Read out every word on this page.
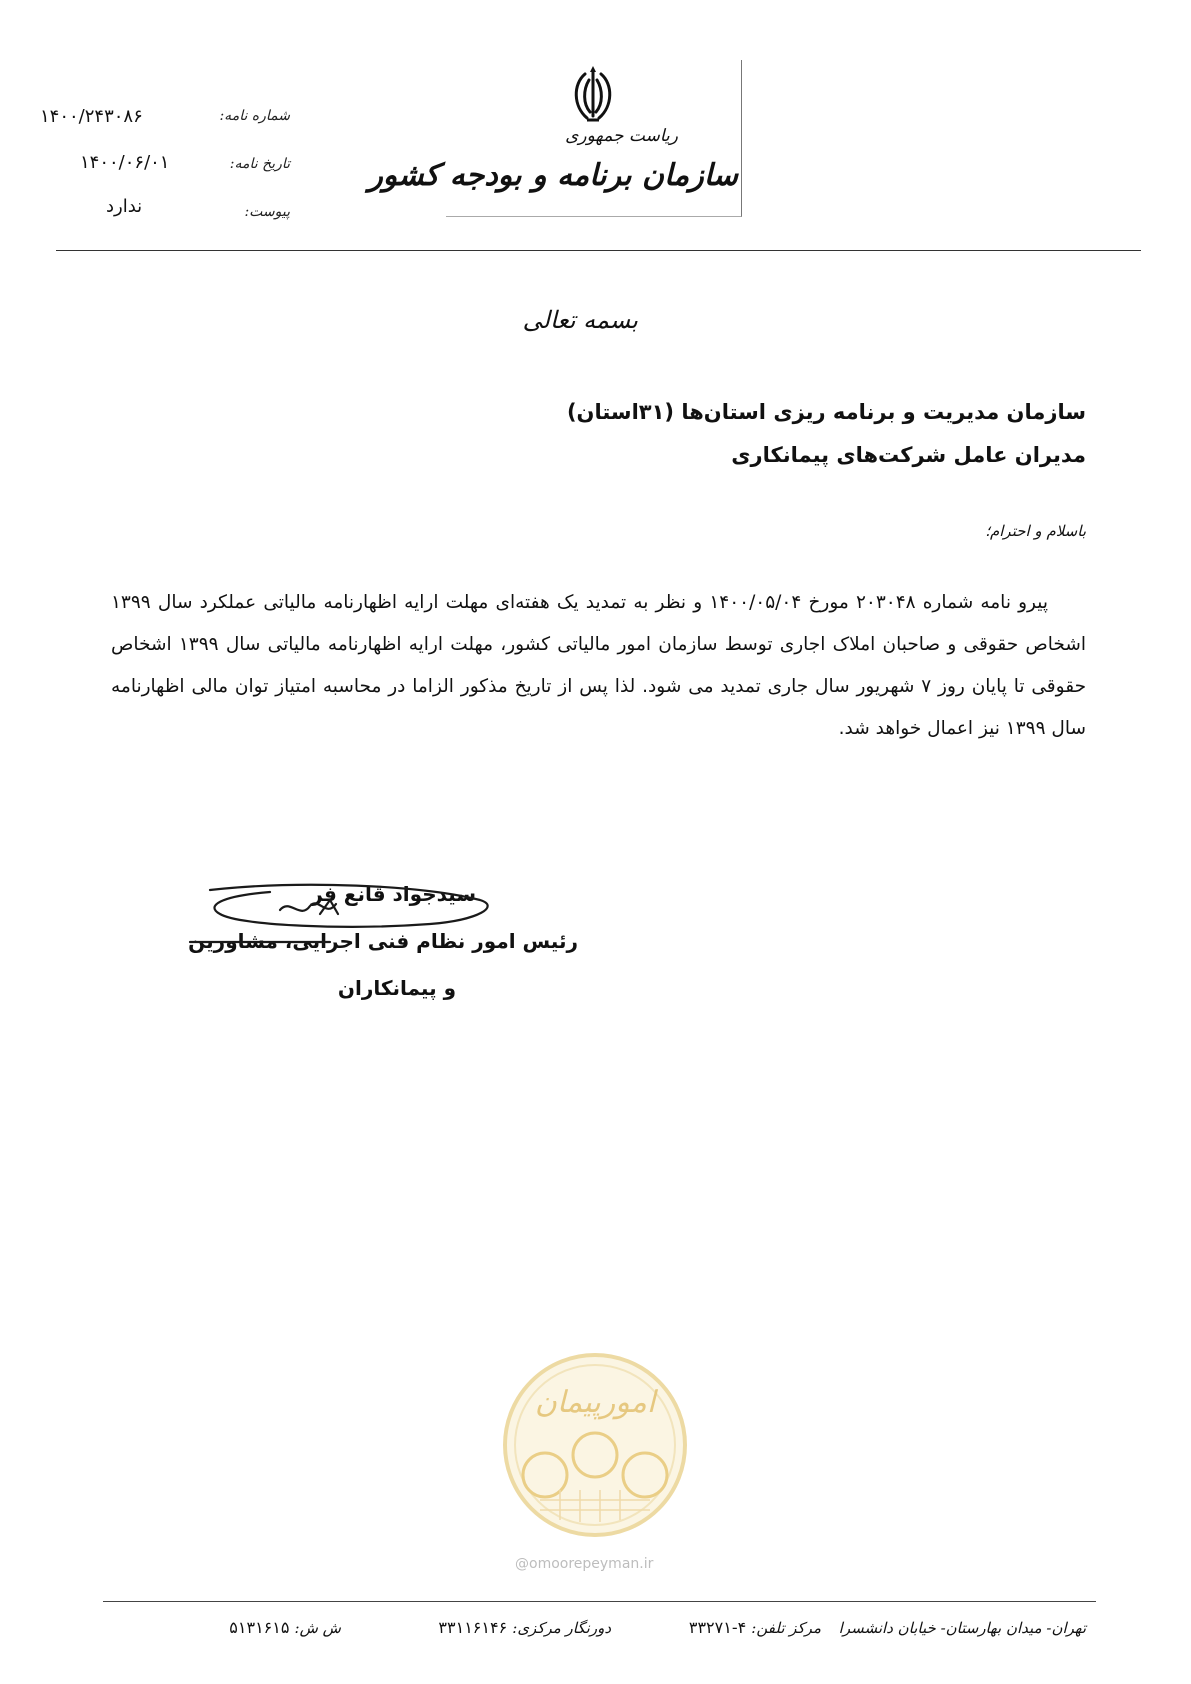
شماره نامه:
۱۴۰۰/۲۴۳۰۸۶
تاریخ نامه:
۱۴۰۰/۰۶/۰۱
پیوست:
ندارد
ریاست جمهوری
سازمان برنامه و بودجه کشور
بسمه تعالی
سازمان مدیریت و برنامه ریزی استان‌ها (۳۱استان)
مدیران عامل شرکت‌های پیمانکاری
باسلام و احترام؛

پیرو نامه شماره ۲۰۳۰۴۸ مورخ ۱۴۰۰/۰۵/۰۴ و نظر به تمدید یک هفته‌ای مهلت ارایه اظهارنامه مالیاتی عملکرد سال ۱۳۹۹ اشخاص حقوقی و صاحبان املاک اجاری توسط سازمان امور مالیاتی کشور، مهلت ارایه اظهارنامه مالیاتی سال ۱۳۹۹ اشخاص حقوقی تا پایان روز ۷ شهریور سال جاری تمدید می شود. لذا پس از تاریخ مذکور الزاما در محاسبه امتیاز توان مالی اظهارنامه سال ۱۳۹۹ نیز اعمال خواهد شد.

سیدجواد قانع فر
رئیس امور نظام فنی اجرایی، مشاورین
و پیمانکاران
امورپیمان
@omoorepeyman.ir
تهران- میدان بهارستان- خیابان دانشسرا
مرکز تلفن: ۴-۳۳۲۷۱
دورنگار مرکزی: ۳۳۱۱۶۱۴۶
ش ش: ۵۱۳۱۶۱۵
